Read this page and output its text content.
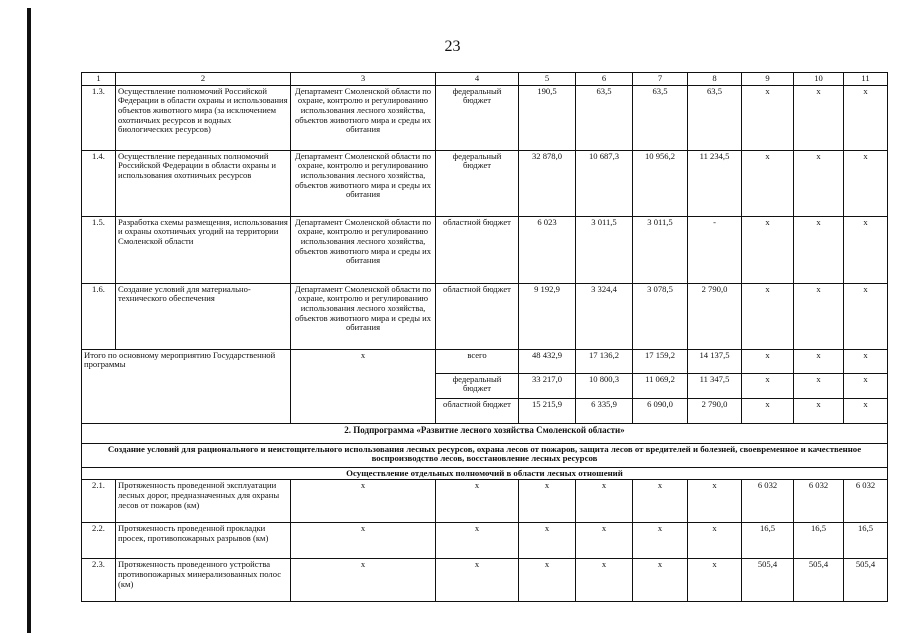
23
1	2	3	4	5	6	7	8	9	10	11
1.3.	Осуществление полномочий Российской Федерации в области охраны и использования объектов животного мира (за исключением охотничьих ресурсов и водных биологических ресурсов)	Департамент Смоленской области по охране, контролю и регулированию использования лесного хозяйства, объектов животного мира и среды их обитания	федеральный бюджет	190,5	63,5	63,5	63,5	х	х	х
1.4.	Осуществление переданных полномочий Российской Федерации в области охраны и использования охотничьих ресурсов	Департамент Смоленской области по охране, контролю и регулированию использования лесного хозяйства, объектов животного мира и среды их обитания	федеральный бюджет	32 878,0	10 687,3	10 956,2	11 234,5	х	х	х
1.5.	Разработка схемы размещения, использования и охраны охотничьих угодий на территории Смоленской области	Департамент Смоленской области по охране, контролю и регулированию использования лесного хозяйства, объектов животного мира и среды их обитания	областной бюджет	6 023	3 011,5	3 011,5	-	х	х	х
1.6.	Создание условий для материально-технического обеспечения	Департамент Смоленской области по охране, контролю и регулированию использования лесного хозяйства, объектов животного мира и среды их обитания	областной бюджет	9 192,9	3 324,4	3 078,5	2 790,0	х	х	х
Итого по основному мероприятию Государственной программы		х	всего	48 432,9	17 136,2	17 159,2	14 137,5	х	х	х
			федеральный бюджет	33 217,0	10 800,3	11 069,2	11 347,5	х	х	х
			областной бюджет	15 215,9	6 335,9	6 090,0	2 790,0	х	х	х
2. Подпрограмма «Развитие лесного хозяйства Смоленской области»										
Создание условий для рационального и неистощительного использования лесных ресурсов, охрана лесов от пожаров, защита лесов от вредителей и болезней, своевременное и качественное воспроизводство лесов, восстановление лесных ресурсов										
Осуществление отдельных полномочий в области лесных отношений										
2.1.	Протяженность проведенной эксплуатации лесных дорог, предназначенных для охраны лесов от пожаров (км)	х	х	х	х	х	х	6 032	6 032	6 032
2.2.	Протяженность проведенной прокладки просек, противопожарных разрывов (км)	х	х	х	х	х	х	16,5	16,5	16,5
2.3.	Протяженность проведенного устройства противопожарных минерализованных полос (км)	х	х	х	х	х	х	505,4	505,4	505,4
